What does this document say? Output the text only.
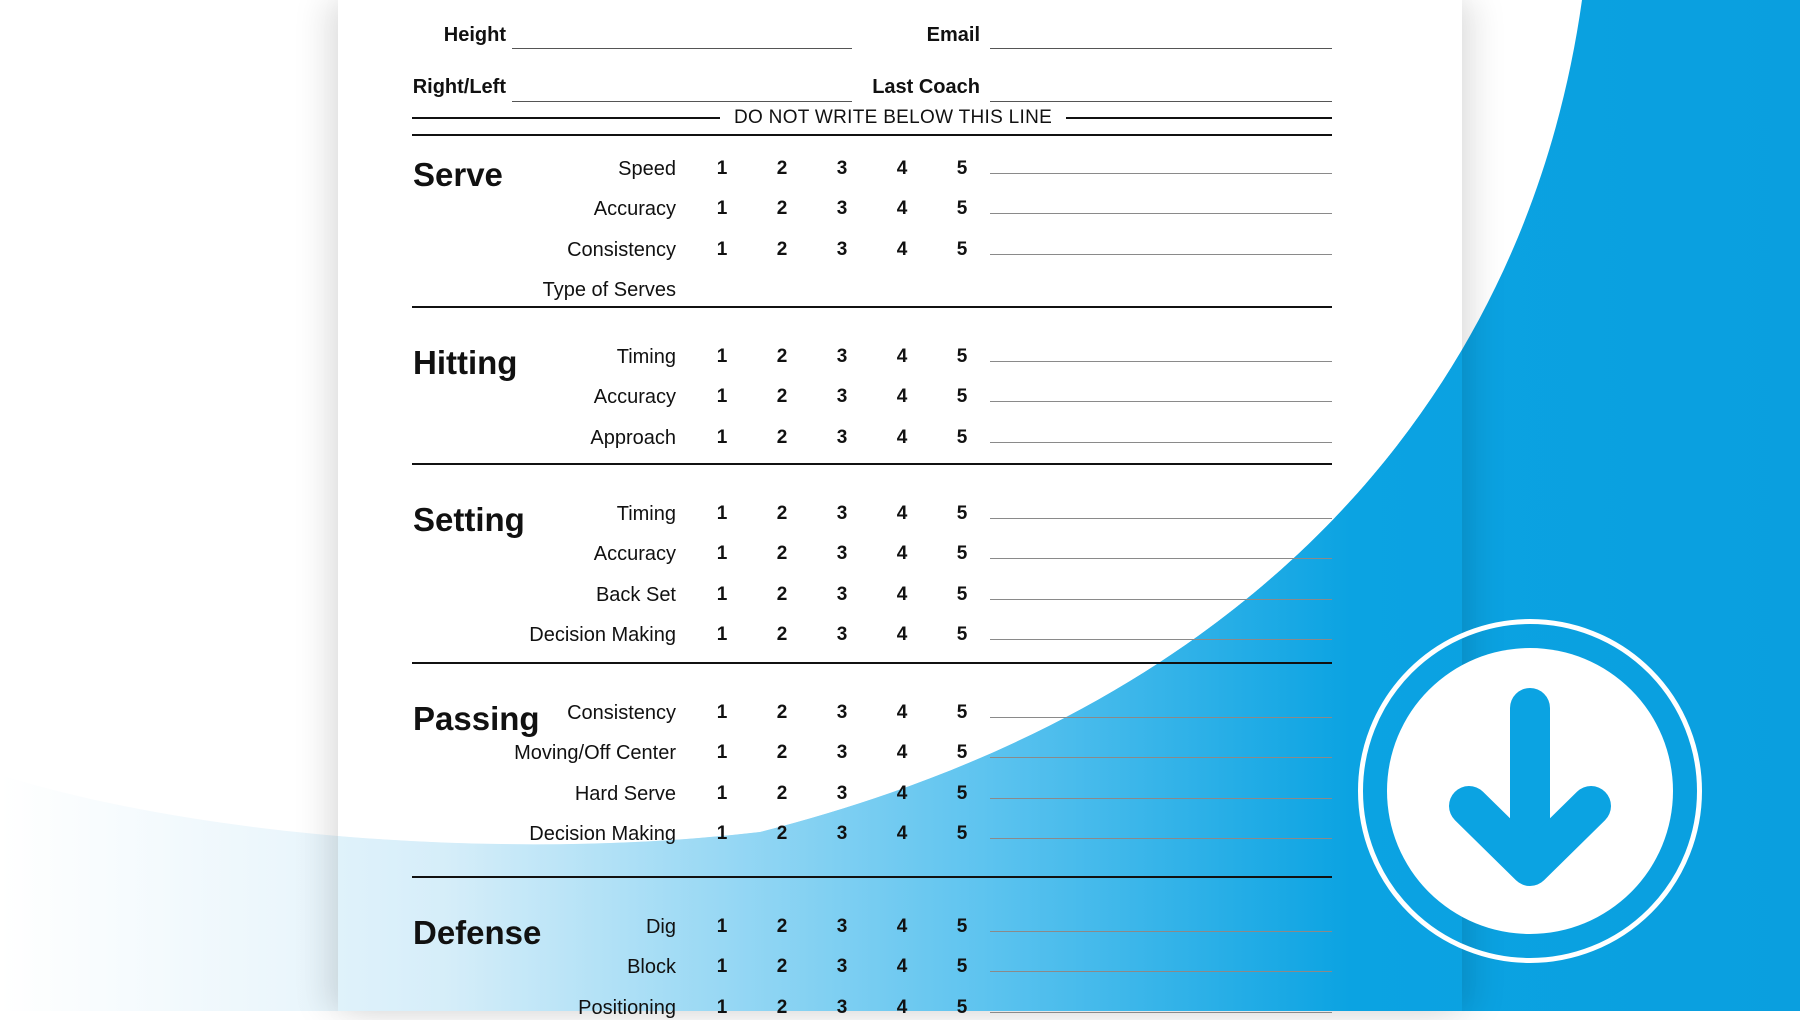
Height	Email
Right/Left	Last Coach
DO NOT WRITE BELOW THIS LINE
Serve	Speed 1	2	3	4	5
Accuracy 1	2	3	4	5
Consistency 1	2	3	4	5
Type of Serves
Hitting	Timing 1	2	3	4	5
Accuracy 1	2	3	4	5
Approach 1	2	3	4	5
Setting	Timing 1	2	3	4	5
Accuracy 1	2	3	4	5
Back Set 1	2	3	4	5
Decision Making 1	2	3	4	5
Passing	Consistency 1	2	3	4	5
Moving/Off Center 1	2	3	4	5
Hard Serve 1	2	3	4	5
Decision Making 1	2	3	4	5
Defense	Dig 1	2	3	4	5
Block 1	2	3	4	5
Positioning 1	2	3	4	5
